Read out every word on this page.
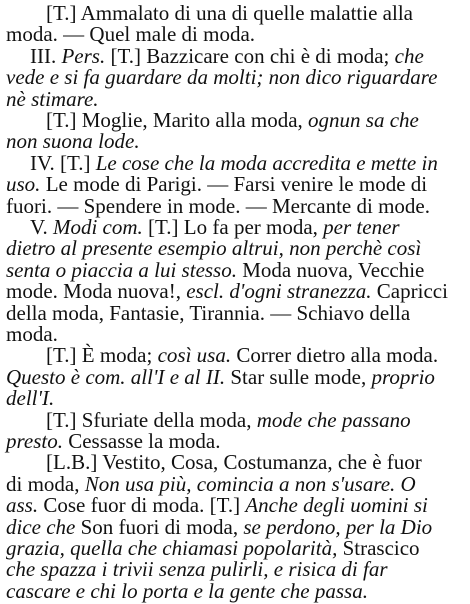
[T.] Ammalato di una di quelle malattie alla
moda. — Quel male di moda.
III. Pers. [T.] Bazzicare con chi è di moda; che
vede e si fa guardare da molti; non dico riguardare
nè stimare.
[T.] Moglie, Marito alla moda, ognun sa che
non suona lode.
IV. [T.] Le cose che la moda accredita e mette in
uso. Le mode di Parigi. — Farsi venire le mode di
fuori. — Spendere in mode. — Mercante di mode.
V. Modi com. [T.] Lo fa per moda, per tener
dietro al presente esempio altrui, non perchè così
senta o piaccia a lui stesso. Moda nuova, Vecchie
mode. Moda nuova!, escl. d'ogni stranezza. Capricci
della moda, Fantasie, Tirannia. — Schiavo della
moda.
[T.] È moda; così usa. Correr dietro alla moda.
Questo è com. all'I e al II. Star sulle mode, proprio
dell'I.
[T.] Sfuriate della moda, mode che passano
presto. Cessasse la moda.
[L.B.] Vestito, Cosa, Costumanza, che è fuor
di moda, Non usa più, comincia a non s'usare. O
ass. Cose fuor di moda. [T.] Anche degli uomini si
dice che Son fuori di moda, se perdono, per la Dio
grazia, quella che chiamasi popolarità, Strascico
che spazza i trivii senza pulirli, e risica di far
cascare e chi lo porta e la gente che passa.
